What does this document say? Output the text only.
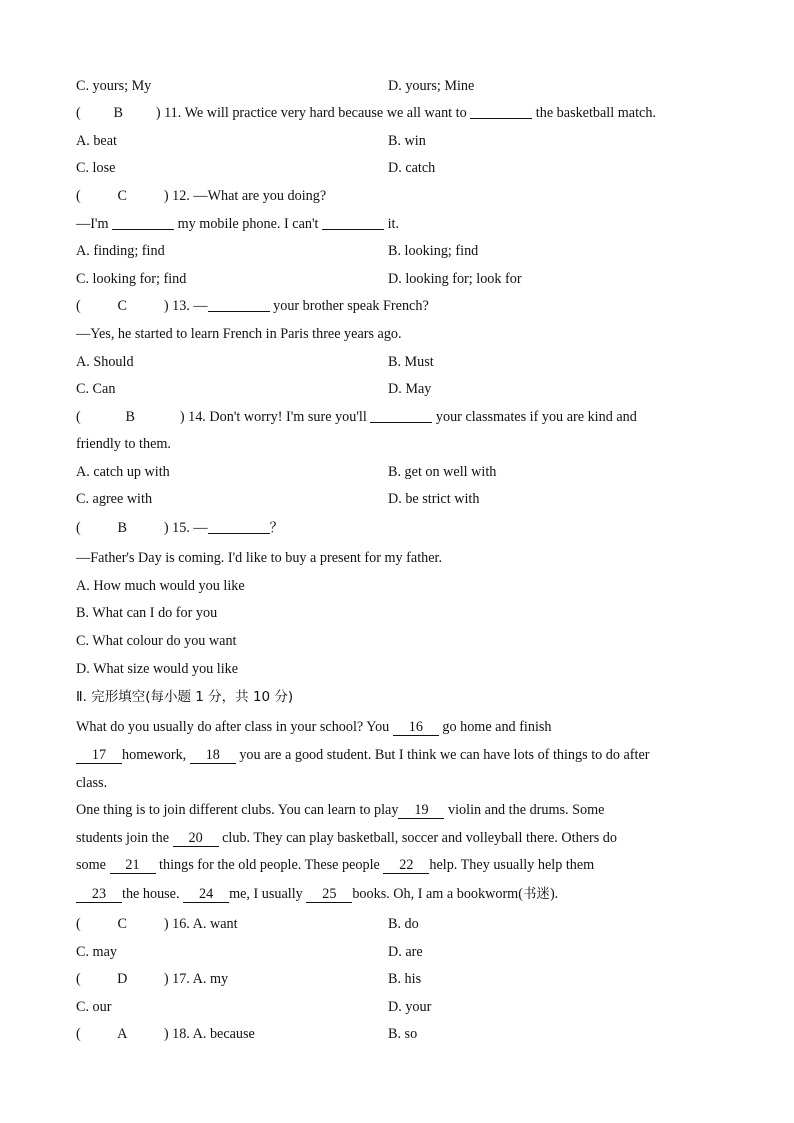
C. yours; My	D. yours; Mine
( B ) 11. We will practice very hard because we all want to	the basketball match.
A. beat	B. win
C. lose	D. catch
(	C	) 12. —What are you doing?
—I'm	my mobile phone. I can't	it.
A. finding; find	B. looking; find
C. looking for; find	D. looking for; look for
(	C	) 13. —	your brother speak French?
—Yes, he started to learn French in Paris three years ago.
A. Should	B. Must
C. Can	D. May
(	B	) 14. Don't worry! I'm sure you'll	your classmates if you are kind and
friendly to them.
A. catch up with	B. get on well with
C. agree with	D. be strict with
(	B	) 15. —	？
—Father's Day is coming. I'd like to buy a present for my father.
A. How much would you like
B. What can I do for you
C. What colour do you want
D. What size would you like
Ⅱ. 完形填空(每小题 1 分，共 10 分)
What do you usually do after class in your school? You 16 go home and finish
17 homework, 18 you are a good student. But I think we can have lots of things to do after
class.
One thing is to join different clubs. You can learn to play 19 violin and the drums. Some
students join the 20 club. They can play basketball, soccer and volleyball there. Others do
some 21 things for the old people. These people 22 help. They usually help them
23 the house. 24 me, I usually 25 books. Oh, I am a bookworm(书迷).
(	C	) 16. A. want	B. do
C. may	D. are
(	D	) 17. A. my	B. his
C. our	D. your
(	A	) 18. A. because	B. so
